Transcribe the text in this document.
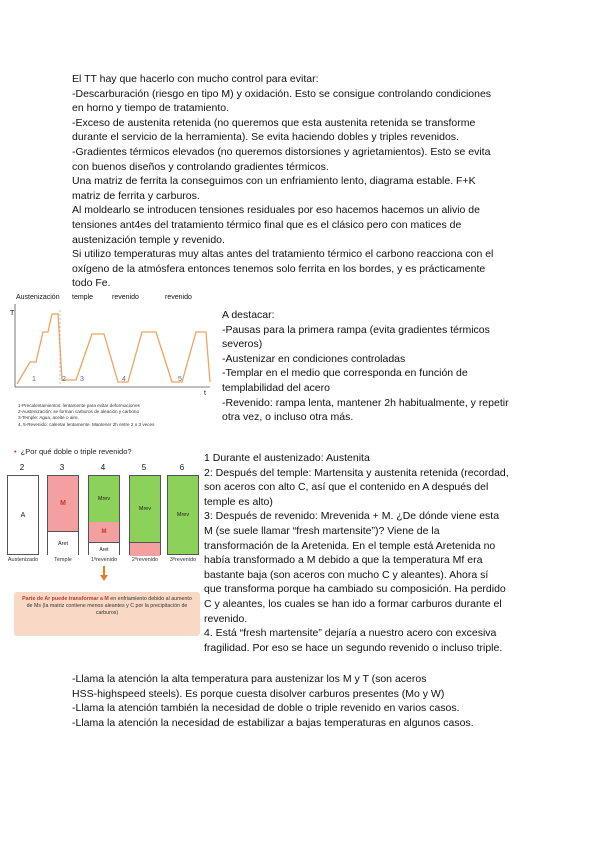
El TT hay que hacerlo con mucho control para evitar:
-Descarburación (riesgo en tipo M) y oxidación. Esto se consigue controlando condiciones
en horno y tiempo de tratamiento.
-Exceso de austenita retenida (no queremos que esta austenita retenida se transforme
durante el servicio de la herramienta). Se evita haciendo dobles y triples revenidos.
-Gradientes térmicos elevados (no queremos distorsiones y agrietamientos). Esto se evita
con buenos diseños y controlando gradientes térmicos.
Una matriz de ferrita la conseguimos con un enfriamiento lento, diagrama estable. F+K
matriz de ferrita y carburos.
Al moldearlo se introducen tensiones residuales por eso hacemos hacemos un alivio de
tensiones ant4es del tratamiento térmico final que es el clásico pero con matices de
austenización temple y revenido.
Si utilizo temperaturas muy altas antes del tratamiento térmico el carbono reacciona con el
oxígeno de la atmósfera entonces tenemos solo ferrita en los bordes, y es prácticamente
todo Fe.
Austenización temple	revenido	revenido
T
t
1	2 3	4	5
1-Precalentamientos: lentamente para evitar deformaciones
2-Austenización: se forman carburos de aleación y carbono
3-Temple: Agua, aceite o aire.
4, 5-Revenido: calentar lentamente. Mantener 2h entre 2 o 3 veces
A destacar:
-Pausas para la primera rampa (evita gradientes térmicos
severos)
-Austenizar en condiciones controladas
-Templar en el medio que corresponda en función de
templabilidad del acero
-Revenido: rampa lenta, mantener 2h habitualmente, y repetir
otra vez, o incluso otra más.
• ¿Por qué doble o triple revenido?
2	3	4	5	6
A
M
Aret
Mrev
M
Aret
Mrev
Mrev
Austenizado	Temple	1ºrevenido	2ºrevenido	3ºrevenido
Parte de Ar puede transformar a M en enfriamiento debido al aumento de Ms (la matriz contiene menos aleantes y C por la precipitación de carburos)
1 Durante el austenizado: Austenita
2: Después del temple: Martensita y austenita retenida (recordad,
son aceros con alto C, así que el contenido en A después del
temple es alto)
3: Después de revenido: Mrevenida + M. ¿De dónde viene esta
M (se suele llamar “fresh martensite”)? Viene de la
transformación de la Aretenida. En el temple está Aretenida no
había transformado a M debido a que la temperatura Mf era
bastante baja (son aceros con mucho C y aleantes). Ahora sí
que transforma porque ha cambiado su composición. Ha perdido
C y aleantes, los cuales se han ido a formar carburos durante el
revenido.
4. Está “fresh martensite” dejaría a nuestro acero con excesiva
fragilidad. Por eso se hace un segundo revenido o incluso triple.
-Llama la atención la alta temperatura para austenizar los M y T (son aceros
HSS-highspeed steels). Es porque cuesta disolver carburos presentes (Mo y W)
-Llama la atención también la necesidad de doble o triple revenido en varios casos.
-Llama la atención la necesidad de estabilizar a bajas temperaturas en algunos casos.
